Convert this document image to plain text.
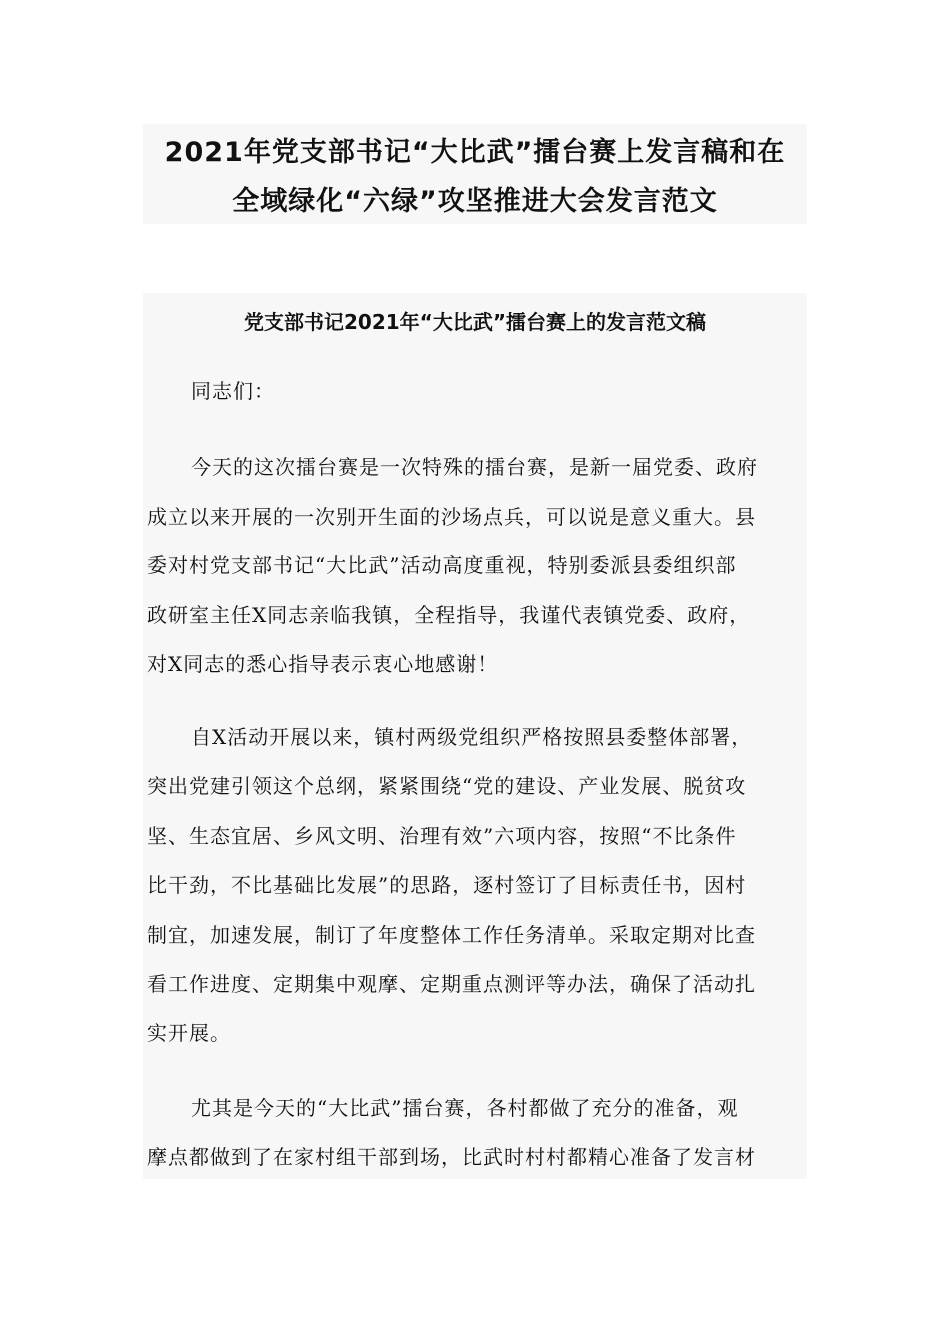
2021年党支部书记“大比武”擂台赛上发言稿和在
全域绿化“六绿”攻坚推进大会发言范文
党支部书记2021年“大比武”擂台赛上的发言范文稿
同志们：
今天的这次擂台赛是一次特殊的擂台赛，是新一届党委、政府
成立以来开展的一次别开生面的沙场点兵，可以说是意义重大。县
委对村党支部书记“大比武”活动高度重视，特别委派县委组织部
政研室主任X同志亲临我镇，全程指导，我谨代表镇党委、政府，
对X同志的悉心指导表示衷心地感谢！
自X活动开展以来，镇村两级党组织严格按照县委整体部署，
突出党建引领这个总纲，紧紧围绕“党的建设、产业发展、脱贫攻
坚、生态宜居、乡风文明、治理有效”六项内容，按照“不比条件
比干劲，不比基础比发展”的思路，逐村签订了目标责任书，因村
制宜，加速发展，制订了年度整体工作任务清单。采取定期对比查
看工作进度、定期集中观摩、定期重点测评等办法，确保了活动扎
实开展。
尤其是今天的“大比武”擂台赛，各村都做了充分的准备，观
摩点都做到了在家村组干部到场，比武时村村都精心准备了发言材
